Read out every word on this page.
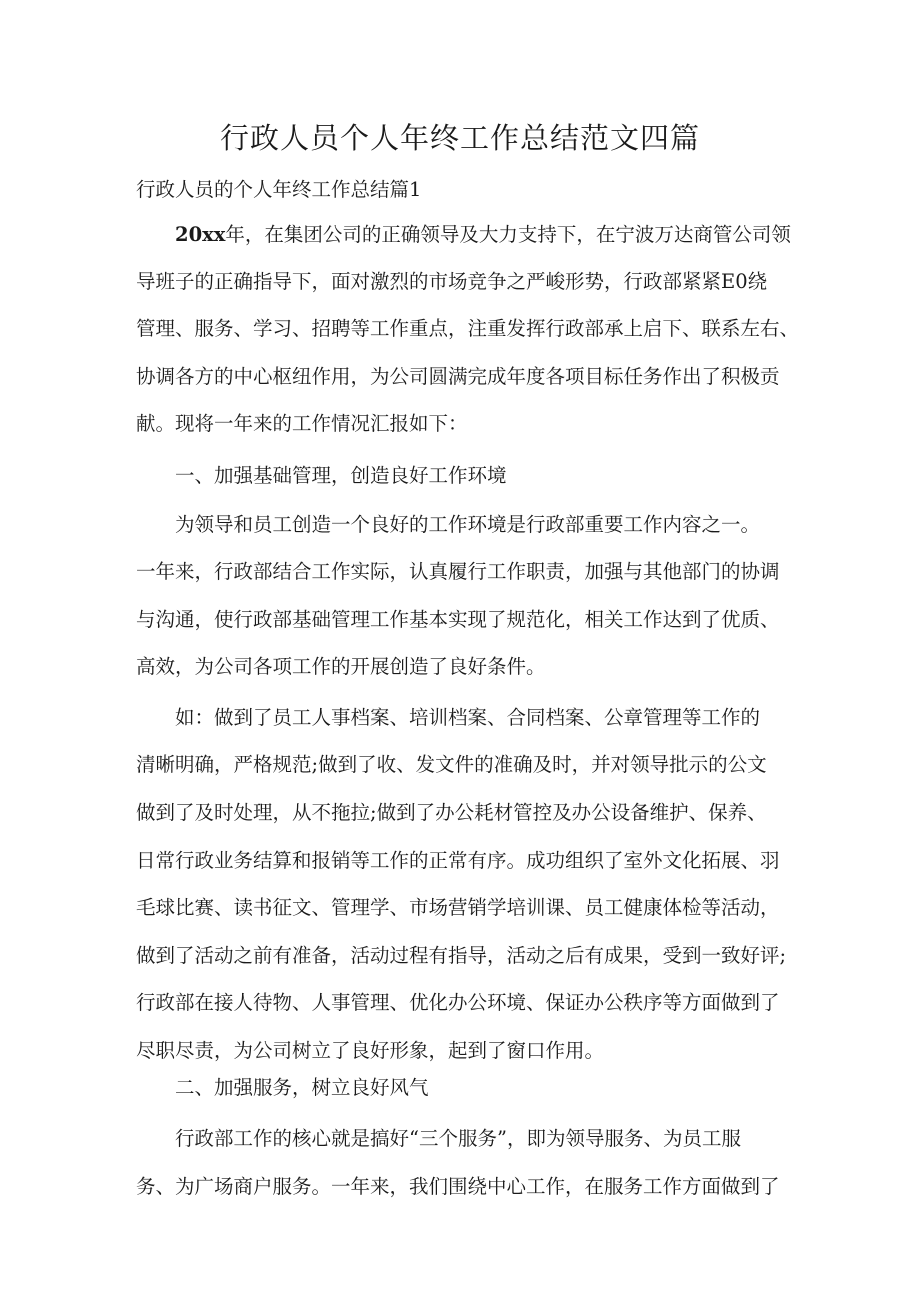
行政人员个人年终工作总结范文四篇
行政人员的个人年终工作总结篇1
20xx年，在集团公司的正确领导及大力支持下，在宁波万达商管公司领
导班子的正确指导下，面对激烈的市场竞争之严峻形势，行政部紧紧E0绕
管理、服务、学习、招聘等工作重点，注重发挥行政部承上启下、联系左右、
协调各方的中心枢纽作用，为公司圆满完成年度各项目标任务作出了积极贡
献。现将一年来的工作情况汇报如下：
一、加强基础管理，创造良好工作环境
为领导和员工创造一个良好的工作环境是行政部重要工作内容之一。
一年来，行政部结合工作实际，认真履行工作职责，加强与其他部门的协调
与沟通，使行政部基础管理工作基本实现了规范化，相关工作达到了优质、
高效，为公司各项工作的开展创造了良好条件。
如：做到了员工人事档案、培训档案、合同档案、公章管理等工作的
清晰明确，严格规范;做到了收、发文件的准确及时，并对领导批示的公文
做到了及时处理，从不拖拉;做到了办公耗材管控及办公设备维护、保养、
日常行政业务结算和报销等工作的正常有序。成功组织了室外文化拓展、羽
毛球比赛、读书征文、管理学、市场营销学培训课、员工健康体检等活动，
做到了活动之前有准备，活动过程有指导，活动之后有成果，受到一致好评;
行政部在接人待物、人事管理、优化办公环境、保证办公秩序等方面做到了
尽职尽责，为公司树立了良好形象，起到了窗口作用。
二、加强服务，树立良好风气
行政部工作的核心就是搞好“三个服务”，即为领导服务、为员工服
务、为广场商户服务。一年来，我们围绕中心工作，在服务工作方面做到了
